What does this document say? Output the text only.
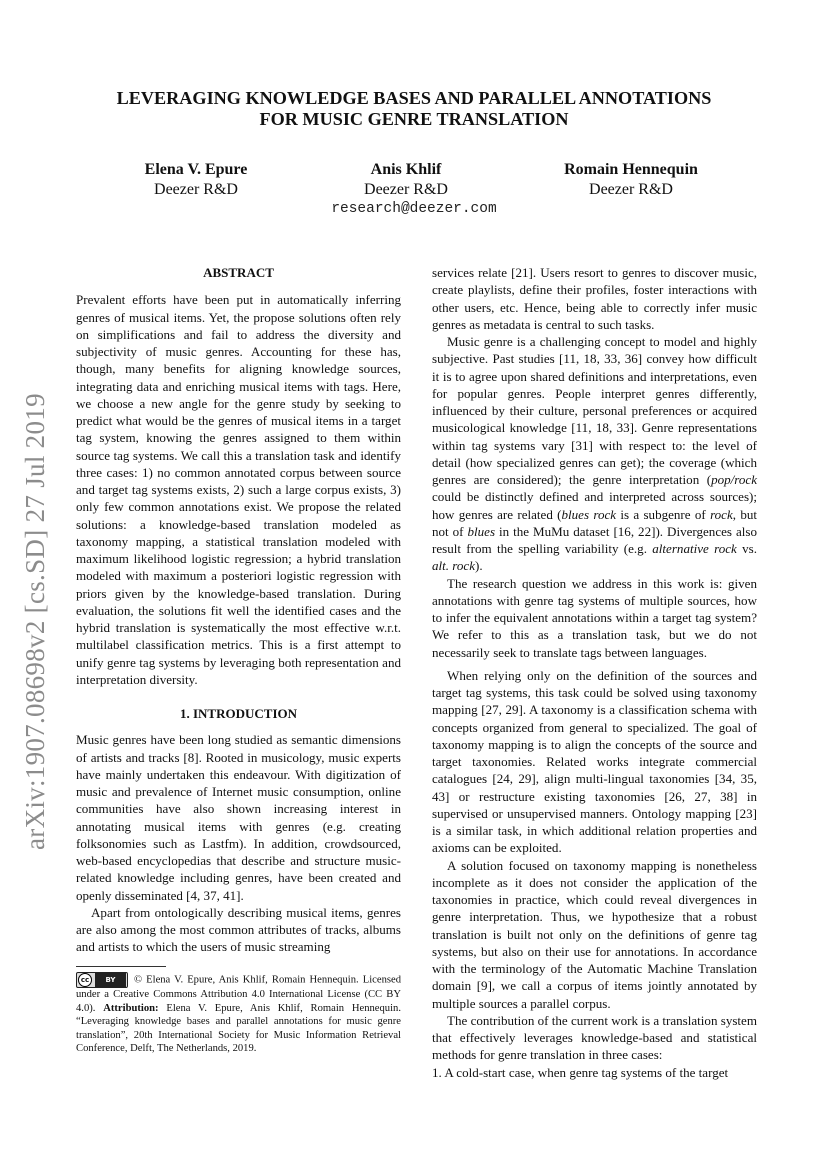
arXiv:1907.08698v2 [cs.SD] 27 Jul 2019
LEVERAGING KNOWLEDGE BASES AND PARALLEL ANNOTATIONS
FOR MUSIC GENRE TRANSLATION
Elena V. Epure
Deezer R&D
Anis Khlif
Deezer R&D
Romain Hennequin
Deezer R&D
research@deezer.com
ABSTRACT

Prevalent efforts have been put in automatically inferring genres of musical items. Yet, the propose solutions often rely on simplifications and fail to address the diversity and subjectivity of music genres. Accounting for these has, though, many benefits for aligning knowledge sources, integrating data and enriching musical items with tags. Here, we choose a new angle for the genre study by seeking to predict what would be the genres of musical items in a target tag system, knowing the genres assigned to them within source tag systems. We call this a translation task and identify three cases: 1) no common annotated corpus between source and target tag systems exists, 2) such a large corpus exists, 3) only few common annotations exist. We propose the related solutions: a knowledge-based translation modeled as taxonomy mapping, a statistical translation modeled with maximum likelihood logistic regression; a hybrid translation modeled with maximum a posteriori logistic regression with priors given by the knowledge-based translation. During evaluation, the solutions fit well the identified cases and the hybrid translation is systematically the most effective w.r.t. multilabel classification metrics. This is a first attempt to unify genre tag systems by leveraging both representation and interpretation diversity.

1. INTRODUCTION

Music genres have been long studied as semantic dimensions of artists and tracks [8]. Rooted in musicology, music experts have mainly undertaken this endeavour. With digitization of music and prevalence of Internet music consumption, online communities have also shown increasing interest in annotating musical items with genres (e.g. creating folksonomies such as Lastfm). In addition, crowdsourced, web-based encyclopedias that describe and structure music-related knowledge including genres, have been created and openly disseminated [4, 37, 41].

Apart from ontologically describing musical items, genres are also among the most common attributes of tracks, albums and artists to which the users of music streaming

services relate [21]. Users resort to genres to discover music, create playlists, define their profiles, foster interactions with other users, etc. Hence, being able to correctly infer music genres as metadata is central to such tasks.

Music genre is a challenging concept to model and highly subjective. Past studies [11, 18, 33, 36] convey how difficult it is to agree upon shared definitions and interpretations, even for popular genres. People interpret genres differently, influenced by their culture, personal preferences or acquired musicological knowledge [11, 18, 33]. Genre representations within tag systems vary [31] with respect to: the level of detail (how specialized genres can get); the coverage (which genres are considered); the genre interpretation (pop/rock could be distinctly defined and interpreted across sources); how genres are related (blues rock is a subgenre of rock, but not of blues in the MuMu dataset [16, 22]). Divergences also result from the spelling variability (e.g. alternative rock vs. alt. rock).

The research question we address in this work is: given annotations with genre tag systems of multiple sources, how to infer the equivalent annotations within a target tag system? We refer to this as a translation task, but we do not necessarily seek to translate tags between languages.

When relying only on the definition of the sources and target tag systems, this task could be solved using taxonomy mapping [27, 29]. A taxonomy is a classification schema with concepts organized from general to specialized. The goal of taxonomy mapping is to align the concepts of the source and target taxonomies. Related works integrate commercial catalogues [24, 29], align multi-lingual taxonomies [34, 35, 43] or restructure existing taxonomies [26, 27, 38] in supervised or unsupervised manners. Ontology mapping [23] is a similar task, in which additional relation properties and axioms can be exploited.

A solution focused on taxonomy mapping is nonetheless incomplete as it does not consider the application of the taxonomies in practice, which could reveal divergences in genre interpretation. Thus, we hypothesize that a robust translation is built not only on the definitions of genre tag systems, but also on their use for annotations. In accordance with the terminology of the Automatic Machine Translation domain [9], we call a corpus of items jointly annotated by multiple sources a parallel corpus.

The contribution of the current work is a translation system that effectively leverages knowledge-based and statistical methods for genre translation in three cases:

1. A cold-start case, when genre tag systems of the target

cc	BY	© Elena V. Epure, Anis Khlif, Romain Hennequin. Licensed under a Creative Commons Attribution 4.0 International License (CC BY 4.0). Attribution: Elena V. Epure, Anis Khlif, Romain Hennequin. “Leveraging knowledge bases and parallel annotations for music genre translation”, 20th International Society for Music Information Retrieval Conference, Delft, The Netherlands, 2019.
